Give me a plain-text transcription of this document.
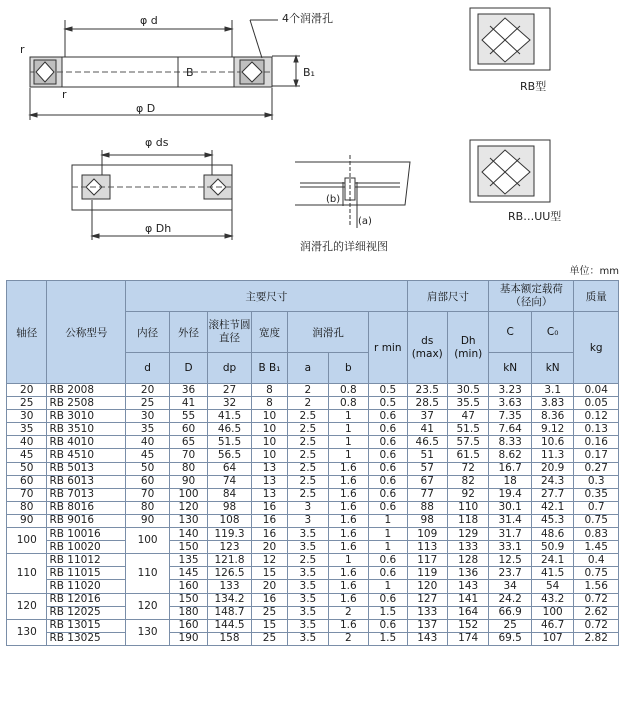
φ d	4个润滑孔
r
r
B	B₁
φ D
φ ds
φ Dh
(b)
(a)
润滑孔的详细视图
RB型
RB…UU型
单位：mm
轴径	公称型号	主要尺寸							肩部尺寸		基本额定载荷（径向）		质量
		内径	外径	滚柱节圆直径	宽度	润滑孔		r min	ds (max)	Dh (min)	C	C₀	kg
		d	D	dp	B B₁	a	b				kN	kN	
20	RB 2008	20	36	27	8	2	0.8	0.5	23.5	30.5	3.23	3.1	0.04
25	RB 2508	25	41	32	8	2	0.8	0.5	28.5	35.5	3.63	3.83	0.05
30	RB 3010	30	55	41.5	10	2.5	1	0.6	37	47	7.35	8.36	0.12
35	RB 3510	35	60	46.5	10	2.5	1	0.6	41	51.5	7.64	9.12	0.13
40	RB 4010	40	65	51.5	10	2.5	1	0.6	46.5	57.5	8.33	10.6	0.16
45	RB 4510	45	70	56.5	10	2.5	1	0.6	51	61.5	8.62	11.3	0.17
50	RB 5013	50	80	64	13	2.5	1.6	0.6	57	72	16.7	20.9	0.27
60	RB 6013	60	90	74	13	2.5	1.6	0.6	67	82	18	24.3	0.3
70	RB 7013	70	100	84	13	2.5	1.6	0.6	77	92	19.4	27.7	0.35
80	RB 8016	80	120	98	16	3	1.6	0.6	88	110	30.1	42.1	0.7
90	RB 9016	90	130	108	16	3	1.6	1	98	118	31.4	45.3	0.75
100	RB 10016	100	140	119.3	16	3.5	1.6	1	109	129	31.7	48.6	0.83
	RB 10020		150	123	20	3.5	1.6	1	113	133	33.1	50.9	1.45
110	RB 11012	110	135	121.8	12	2.5	1	0.6	117	128	12.5	24.1	0.4
	RB 11015		145	126.5	15	3.5	1.6	0.6	119	136	23.7	41.5	0.75
	RB 11020		160	133	20	3.5	1.6	1	120	143	34	54	1.56
120	RB 12016	120	150	134.2	16	3.5	1.6	0.6	127	141	24.2	43.2	0.72
	RB 12025		180	148.7	25	3.5	2	1.5	133	164	66.9	100	2.62
130	RB 13015	130	160	144.5	15	3.5	1.6	0.6	137	152	25	46.7	0.72
	RB 13025		190	158	25	3.5	2	1.5	143	174	69.5	107	2.82
